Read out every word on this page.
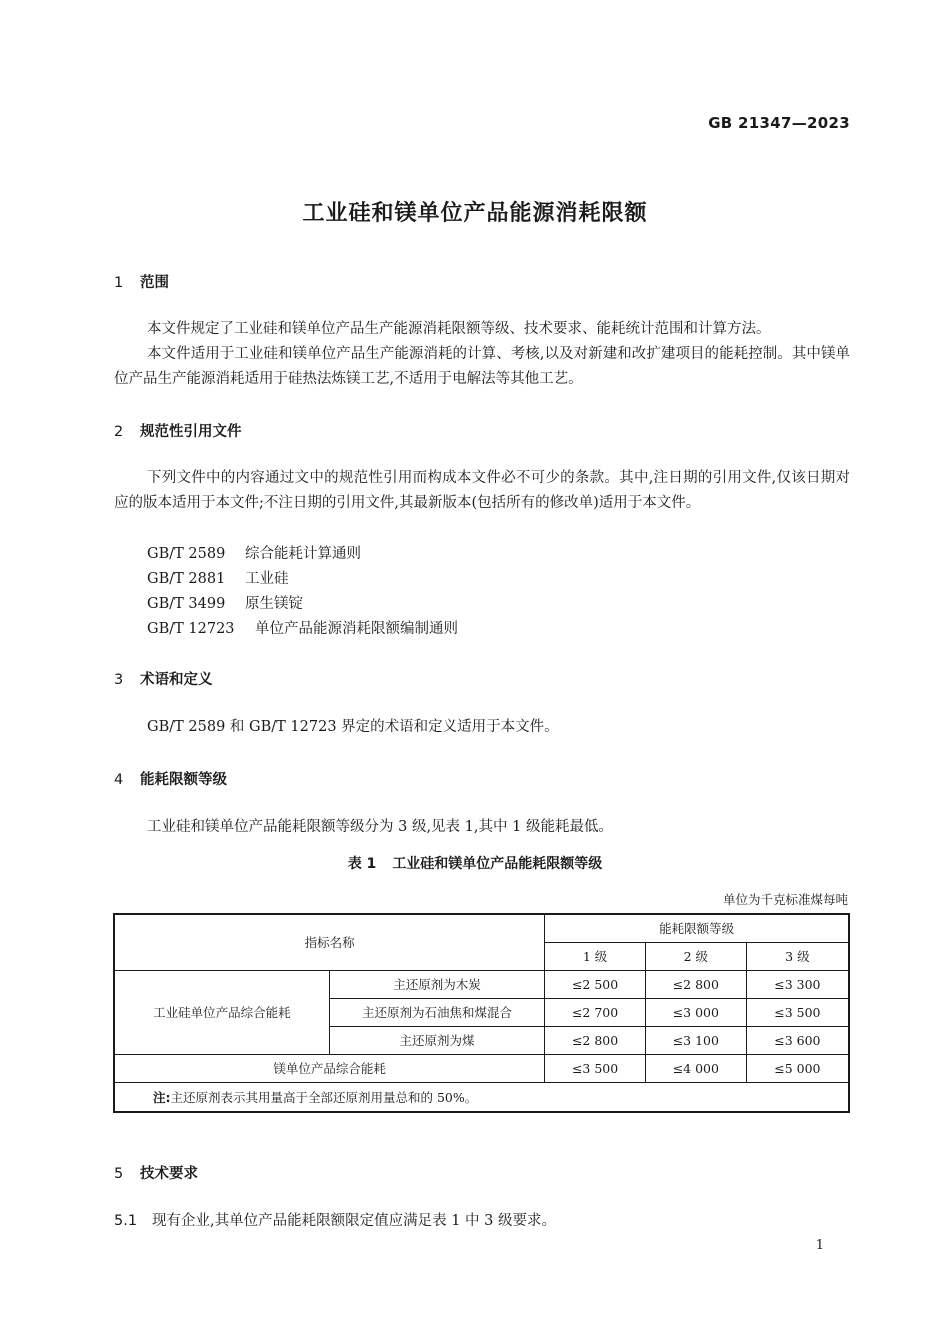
GB 21347—2023
工业硅和镁单位产品能源消耗限额
1 范围
本文件规定了工业硅和镁单位产品生产能源消耗限额等级、技术要求、能耗统计范围和计算方法。
本文件适用于工业硅和镁单位产品生产能源消耗的计算、考核,以及对新建和改扩建项目的能耗控制。其中镁单位产品生产能源消耗适用于硅热法炼镁工艺,不适用于电解法等其他工艺。
2 规范性引用文件
下列文件中的内容通过文中的规范性引用而构成本文件必不可少的条款。其中,注日期的引用文件,仅该日期对应的版本适用于本文件;不注日期的引用文件,其最新版本(包括所有的修改单)适用于本文件。
GB/T 2589 综合能耗计算通则
GB/T 2881 工业硅
GB/T 3499 原生镁锭
GB/T 12723 单位产品能源消耗限额编制通则
3 术语和定义
GB/T 2589 和 GB/T 12723 界定的术语和定义适用于本文件。
4 能耗限额等级
工业硅和镁单位产品能耗限额等级分为 3 级,见表 1,其中 1 级能耗最低。
表 1 工业硅和镁单位产品能耗限额等级
单位为千克标准煤每吨
指标名称		能耗限额等级		
		1 级	2 级	3 级
工业硅单位产品综合能耗	主还原剂为木炭	≤2 500	≤2 800	≤3 300
	主还原剂为石油焦和煤混合	≤2 700	≤3 000	≤3 500
	主还原剂为煤	≤2 800	≤3 100	≤3 600
镁单位产品综合能耗		≤3 500	≤4 000	≤5 000
注:主还原剂表示其用量高于全部还原剂用量总和的 50%。				
5 技术要求
5.1 现有企业,其单位产品能耗限额限定值应满足表 1 中 3 级要求。
1
